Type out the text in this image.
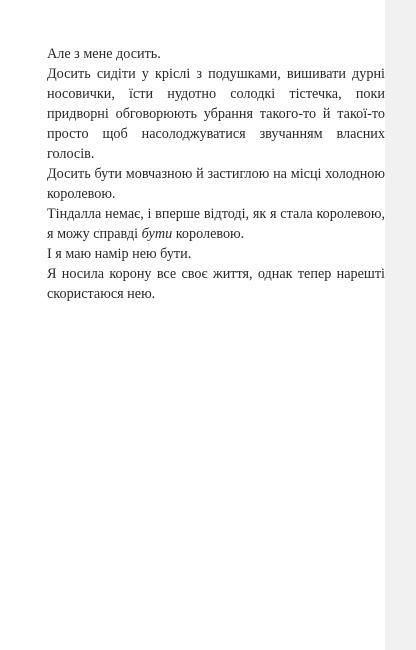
Але з мене досить.

Досить сидіти у кріслі з подушками, вишивати дурні носовички, їсти нудотно солодкі тістечка, поки придворні обговорюють убрання такого-то й такої-то просто щоб насолоджуватися звучанням власних голосів.

Досить бути мовчазною й застиглою на місці холодною королевою.

Тіндалла немає, і вперше відтоді, як я стала королевою, я можу справді бути королевою.

І я маю намір нею бути.

Я носила корону все своє життя, однак тепер нарешті скористаюся нею.
